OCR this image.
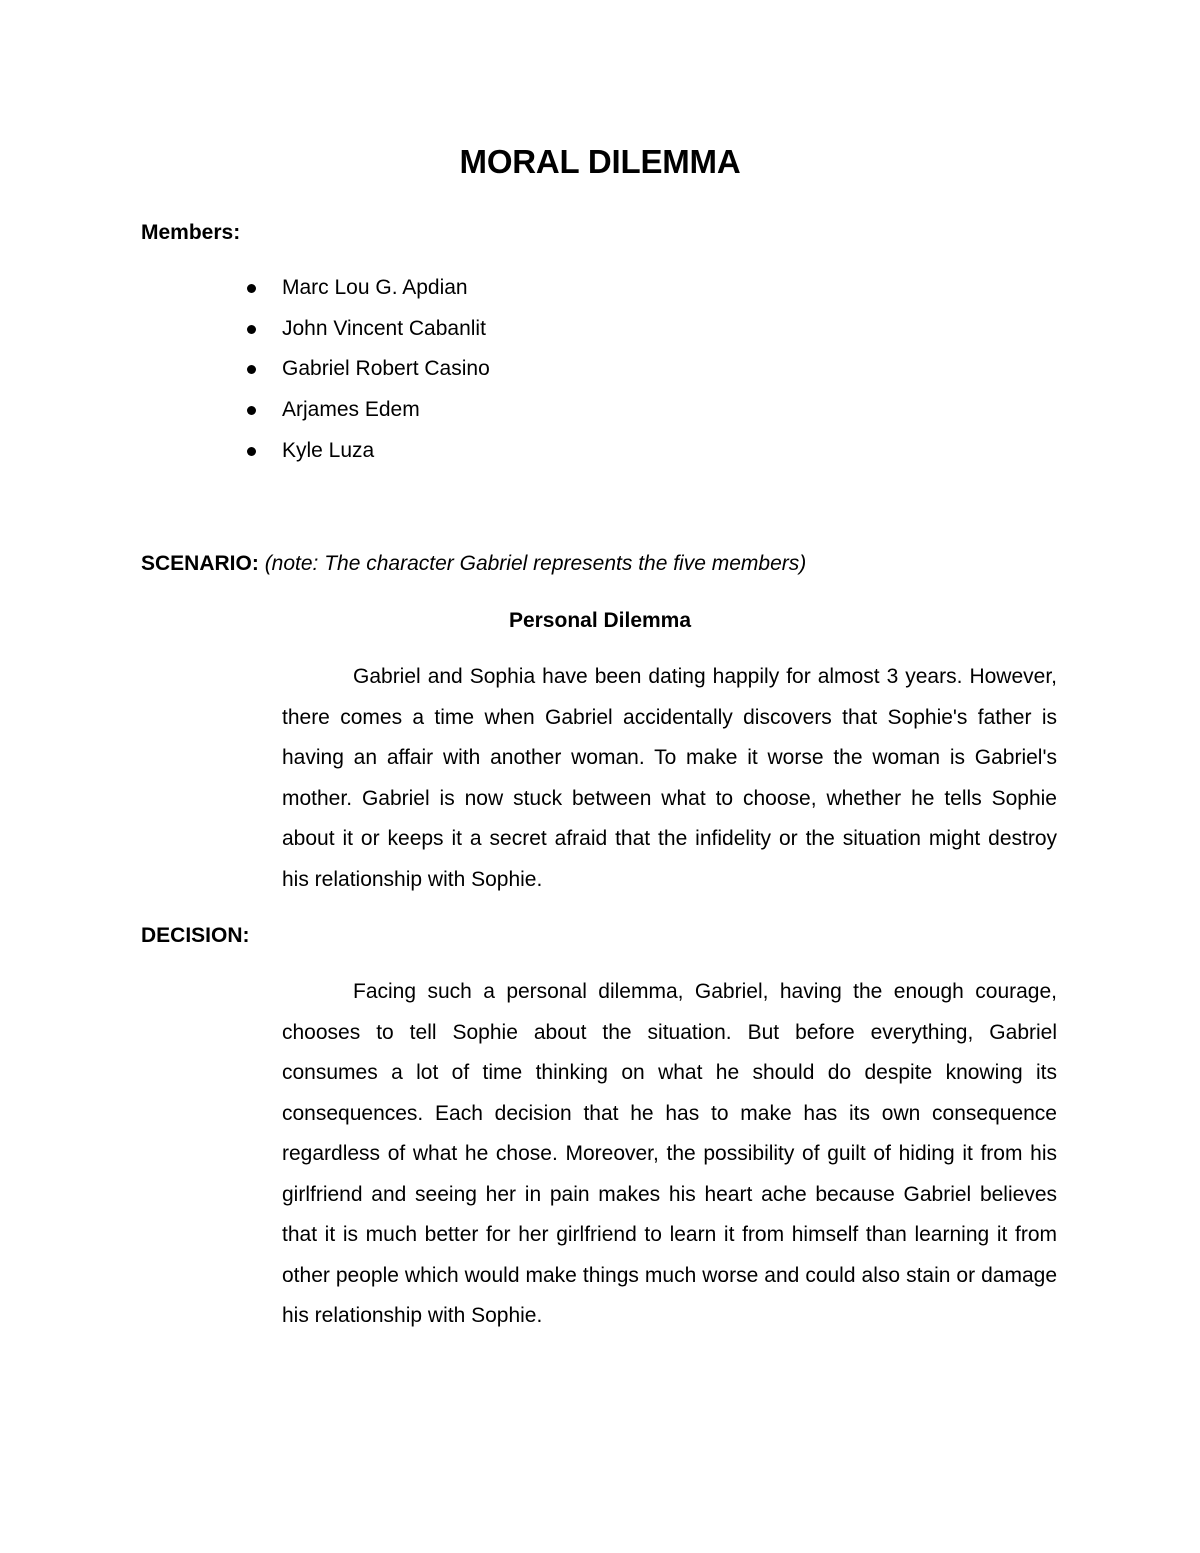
MORAL DILEMMA
Members:
Marc Lou G. Apdian
John Vincent Cabanlit
Gabriel Robert Casino
Arjames Edem
Kyle Luza
SCENARIO: (note: The character Gabriel represents the five members)
Personal Dilemma

Gabriel and Sophia have been dating happily for almost 3 years. However, there comes a time when Gabriel accidentally discovers that Sophie's father is having an affair with another woman. To make it worse the woman is Gabriel's mother. Gabriel is now stuck between what to choose, whether he tells Sophie about it or keeps it a secret afraid that the infidelity or the situation might destroy his relationship with Sophie.

DECISION:

Facing such a personal dilemma, Gabriel, having the enough courage, chooses to tell Sophie about the situation. But before everything, Gabriel consumes a lot of time thinking on what he should do despite knowing its consequences. Each decision that he has to make has its own consequence regardless of what he chose. Moreover, the possibility of guilt of hiding it from his girlfriend and seeing her in pain makes his heart ache because Gabriel believes that it is much better for her girlfriend to learn it from himself than learning it from other people which would make things much worse and could also stain or damage his relationship with Sophie.
